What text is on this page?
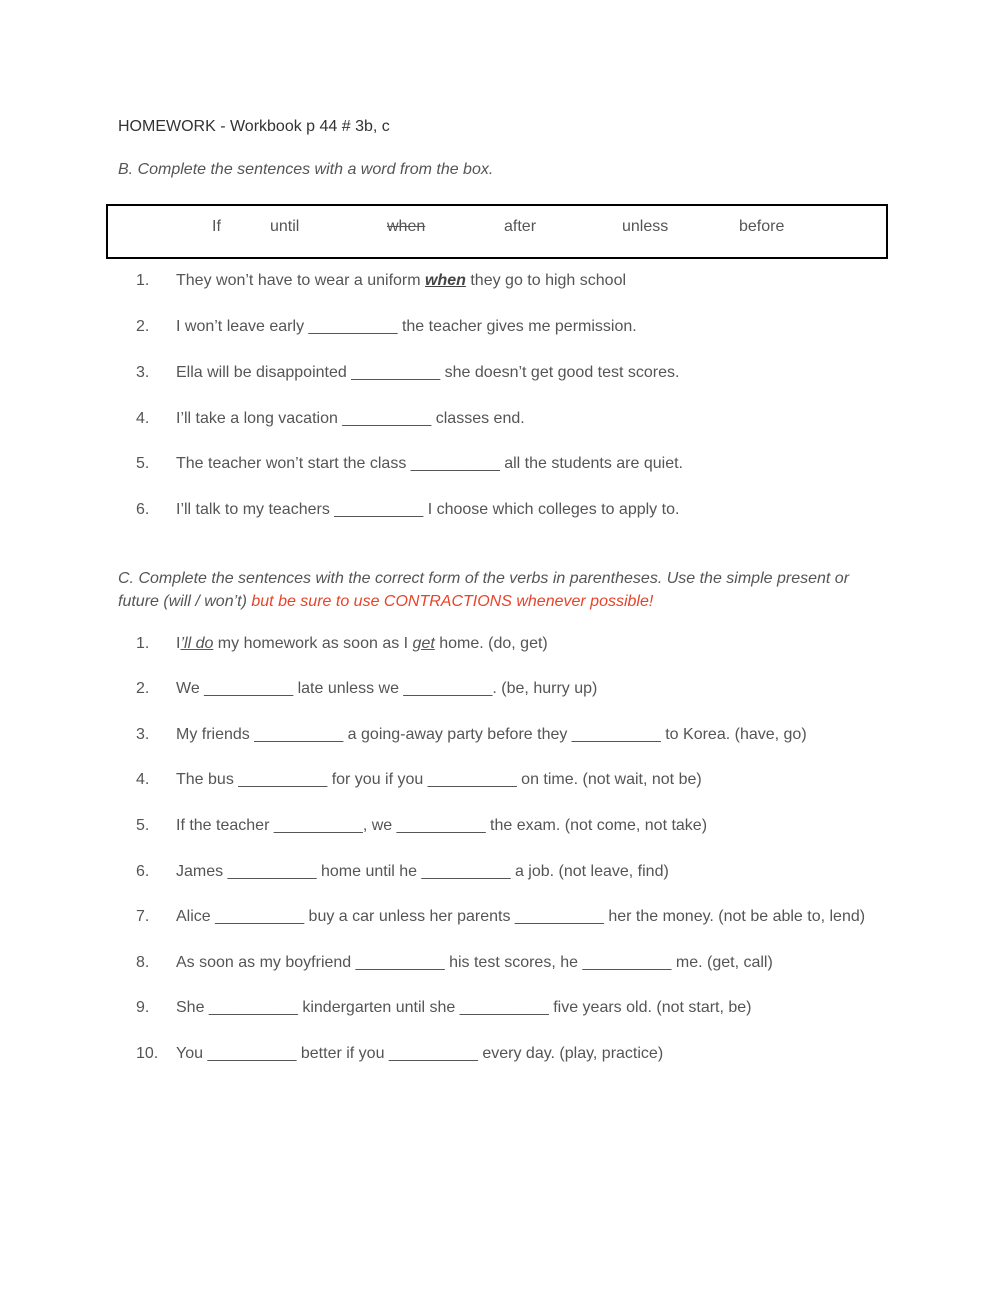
HOMEWORK - Workbook p 44 # 3b, c
B. Complete the sentences with a word from the box.
If	until	when	after	unless	before
1.	They won’t have to wear a uniform when they go to high school
2.	I won’t leave early __________ the teacher gives me permission.
3.	Ella will be disappointed __________ she doesn’t get good test scores.
4.	I’ll take a long vacation __________ classes end.
5.	The teacher won’t start the class __________ all the students are quiet.
6.	I’ll talk to my teachers __________ I choose which colleges to apply to.
C. Complete the sentences with the correct form of the verbs in parentheses. Use the simple present or future (will / won’t) but be sure to use CONTRACTIONS whenever possible!
1.	I’ll do my homework as soon as I get home. (do, get)
2.	We __________ late unless we __________. (be, hurry up)
3.	My friends __________ a going-away party before they __________ to Korea. (have, go)
4.	The bus __________ for you if you __________ on time. (not wait, not be)
5.	If the teacher __________, we __________ the exam. (not come, not take)
6.	James __________ home until he __________ a job. (not leave, find)
7.	Alice __________ buy a car unless her parents __________ her the money. (not be able to, lend)
8.	As soon as my boyfriend __________ his test scores, he __________ me. (get, call)
9.	She __________ kindergarten until she __________ five years old. (not start, be)
10.	You __________ better if you __________ every day. (play, practice)
